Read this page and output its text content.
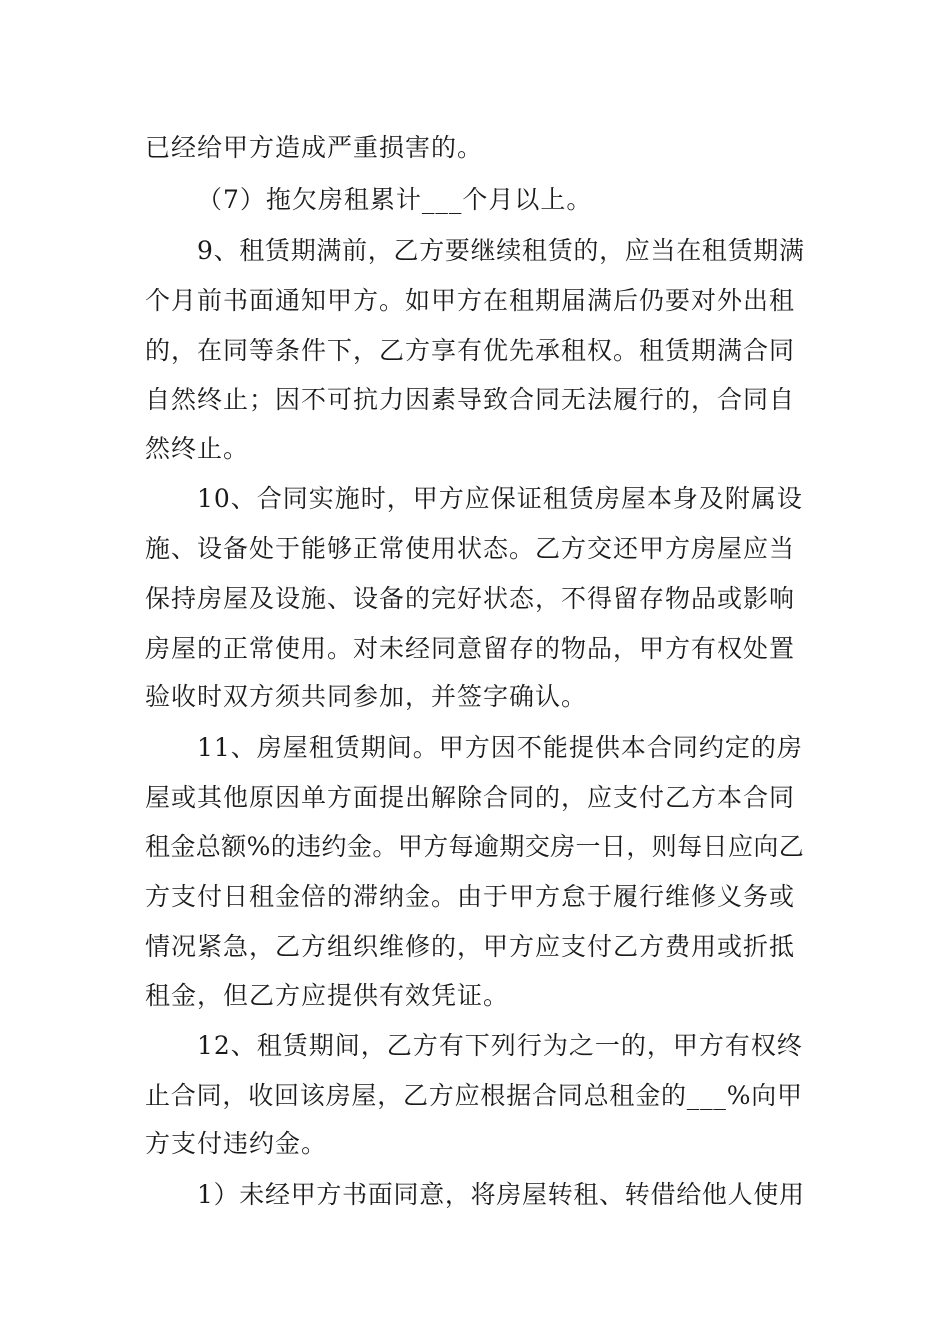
已经给甲方造成严重损害的。

（7）拖欠房租累计___个月以上。

9、租赁期满前，乙方要继续租赁的，应当在租赁期满

个月前书面通知甲方。如甲方在租期届满后仍要对外出租

的，在同等条件下，乙方享有优先承租权。租赁期满合同

自然终止；因不可抗力因素导致合同无法履行的，合同自

然终止。

10、合同实施时，甲方应保证租赁房屋本身及附属设

施、设备处于能够正常使用状态。乙方交还甲方房屋应当

保持房屋及设施、设备的完好状态，不得留存物品或影响

房屋的正常使用。对未经同意留存的物品，甲方有权处置

验收时双方须共同参加，并签字确认。

11、房屋租赁期间。甲方因不能提供本合同约定的房

屋或其他原因单方面提出解除合同的，应支付乙方本合同

租金总额%的违约金。甲方每逾期交房一日，则每日应向乙

方支付日租金倍的滞纳金。由于甲方怠于履行维修义务或

情况紧急，乙方组织维修的，甲方应支付乙方费用或折抵

租金，但乙方应提供有效凭证。

12、租赁期间，乙方有下列行为之一的，甲方有权终

止合同，收回该房屋，乙方应根据合同总租金的___%向甲

方支付违约金。

1）未经甲方书面同意，将房屋转租、转借给他人使用
